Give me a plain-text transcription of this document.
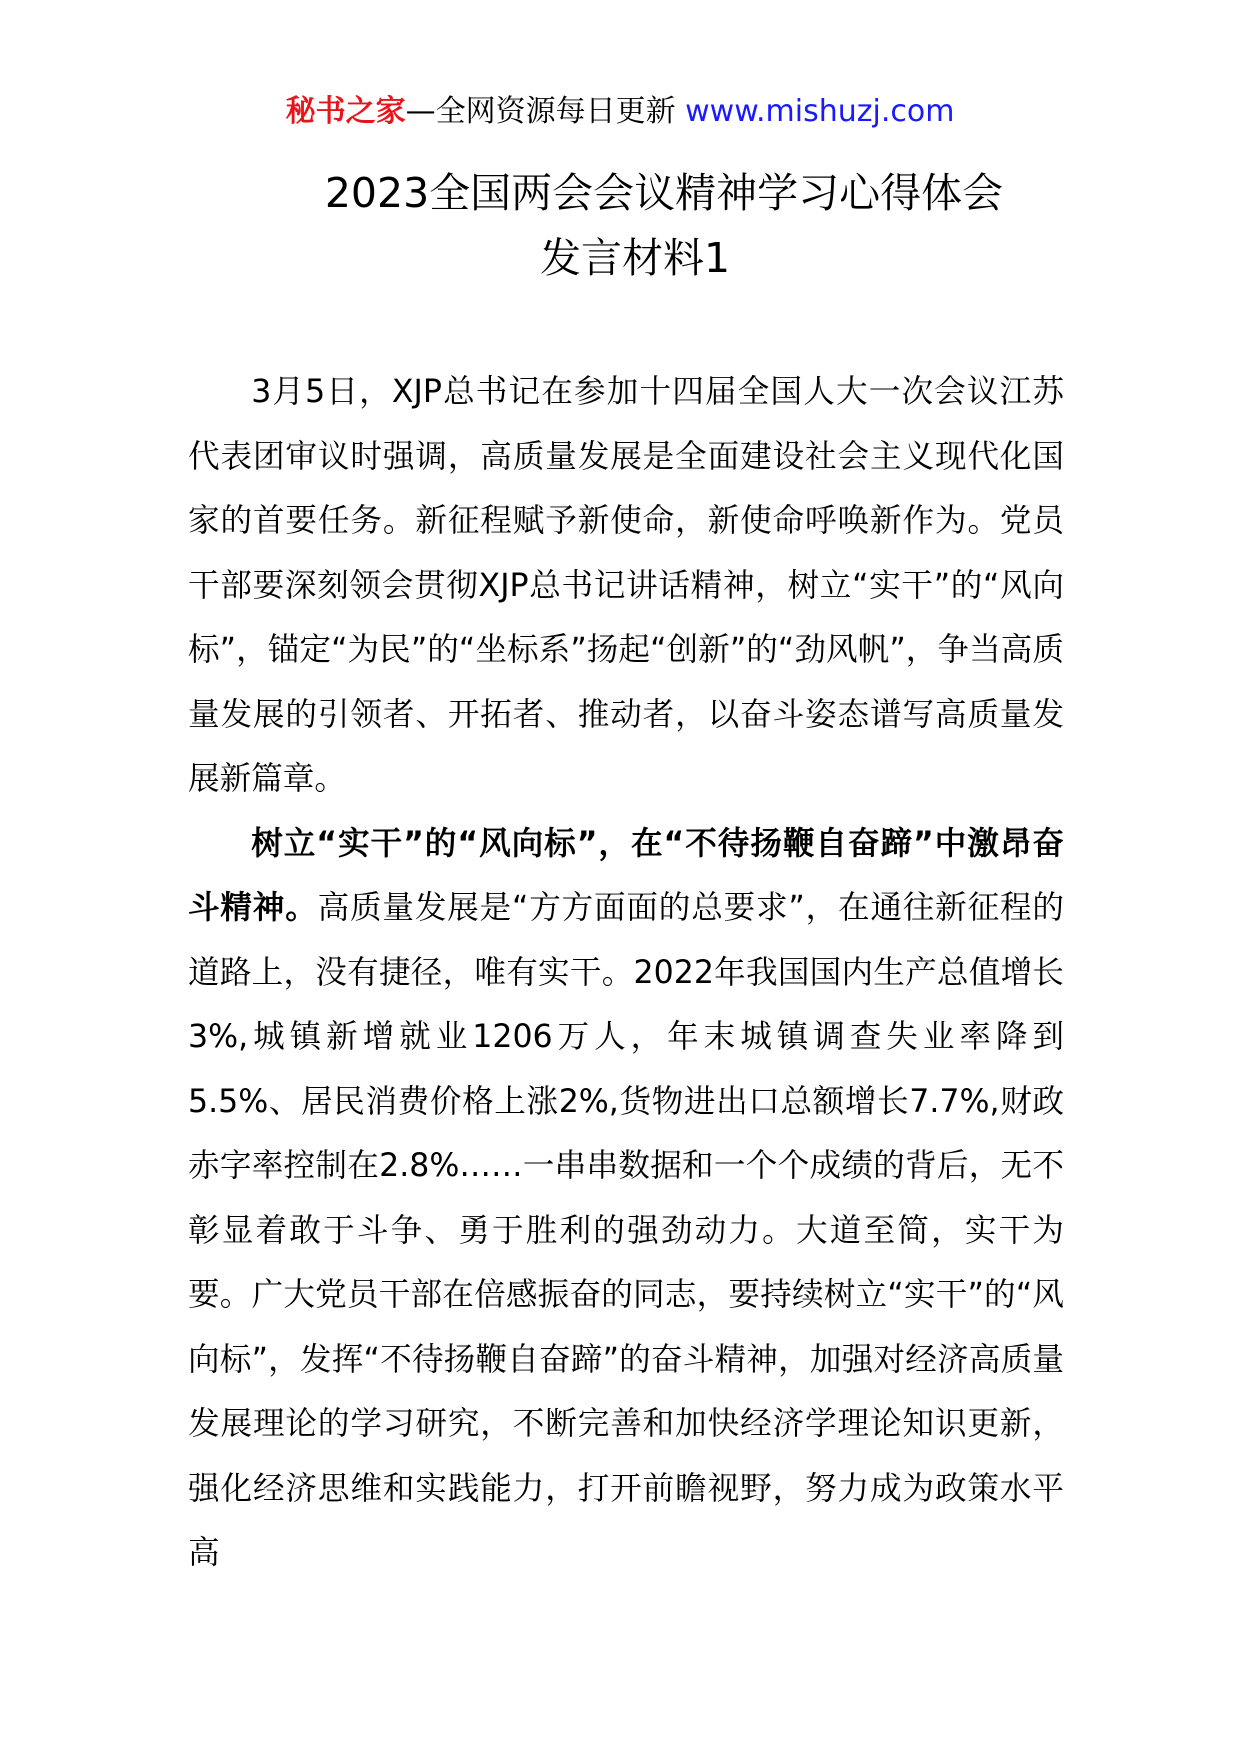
秘书之家—全网资源每日更新 www.mishuzj.com
2023全国两会会议精神学习心得体会
发言材料1

3月5日，XJP总书记在参加十四届全国人大一次会议江苏代表团审议时强调，高质量发展是全面建设社会主义现代化国家的首要任务。新征程赋予新使命，新使命呼唤新作为。党员干部要深刻领会贯彻XJP总书记讲话精神，树立“实干”的“风向标”，锚定“为民”的“坐标系”扬起“创新”的“劲风帆”，争当高质量发展的引领者、开拓者、推动者，以奋斗姿态谱写高质量发展新篇章。

树立“实干”的“风向标”，在“不待扬鞭自奋蹄”中激昂奋斗精神。高质量发展是“方方面面的总要求”，在通往新征程的道路上，没有捷径，唯有实干。2022年我国国内生产总值增长3%,城镇新增就业1206万人，年末城镇调查失业率降到5.5%、居民消费价格上涨2%,货物进出口总额增长7.7%,财政赤字率控制在2.8%……一串串数据和一个个成绩的背后，无不彰显着敢于斗争、勇于胜利的强劲动力。大道至简，实干为要。广大党员干部在倍感振奋的同志，要持续树立“实干”的“风向标”，发挥“不待扬鞭自奋蹄”的奋斗精神，加强对经济高质量发展理论的学习研究，不断完善和加快经济学理论知识更新，强化经济思维和实践能力，打开前瞻视野，努力成为政策水平高
